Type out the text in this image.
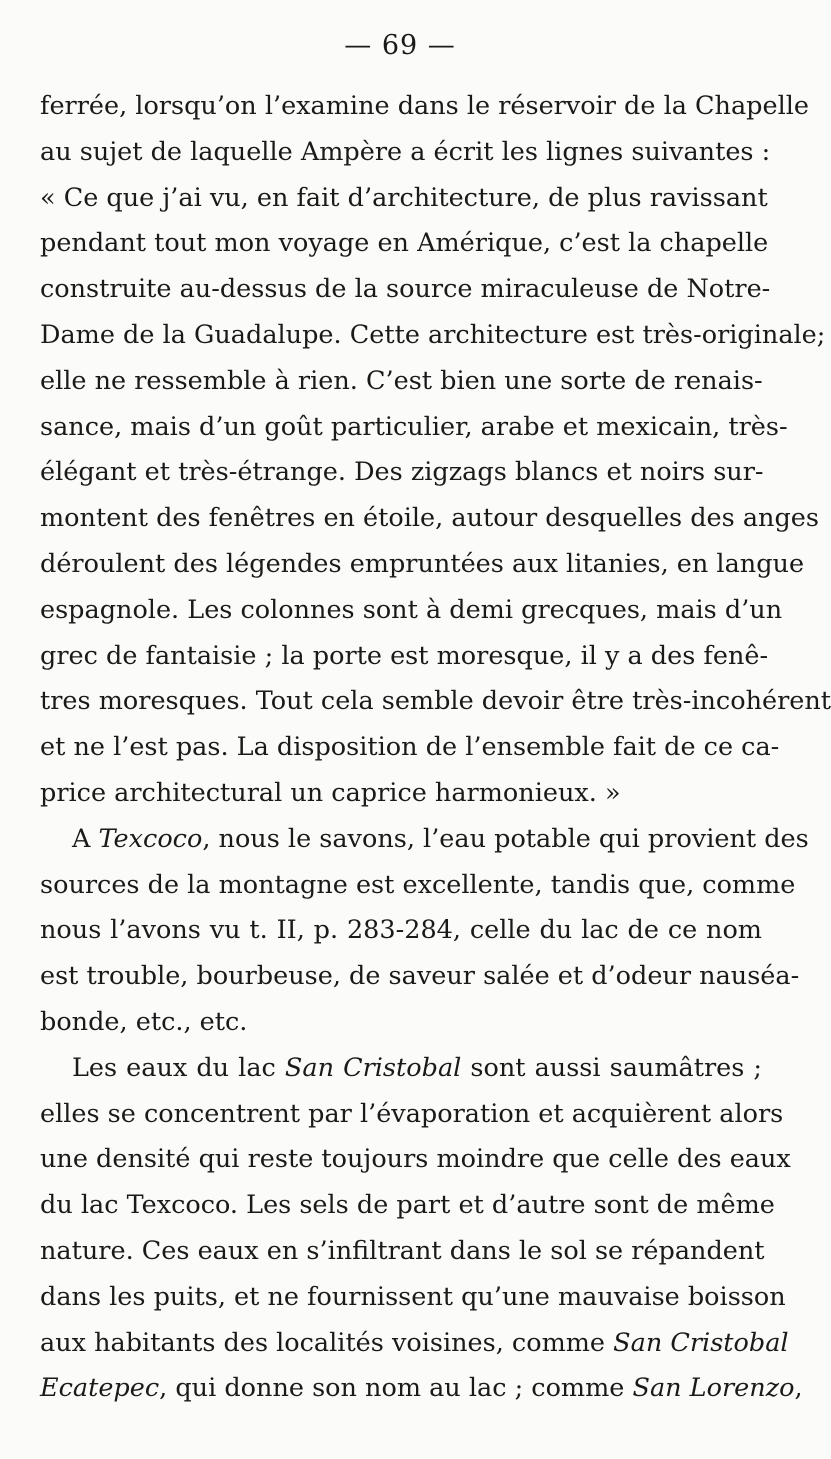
— 69 —
ferrée, lorsqu’on l’examine dans le réservoir de la Chapelle
au sujet de laquelle Ampère a écrit les lignes suivantes :
« Ce que j’ai vu, en fait d’architecture, de plus ravissant
pendant tout mon voyage en Amérique, c’est la chapelle
construite au-dessus de la source miraculeuse de Notre-
Dame de la Guadalupe. Cette architecture est très-originale;
elle ne ressemble à rien. C’est bien une sorte de renais-
sance, mais d’un goût particulier, arabe et mexicain, très-
élégant et très-étrange. Des zigzags blancs et noirs sur-
montent des fenêtres en étoile, autour desquelles des anges
déroulent des légendes empruntées aux litanies, en langue
espagnole. Les colonnes sont à demi grecques, mais d’un
grec de fantaisie ; la porte est moresque, il y a des fenê-
tres moresques. Tout cela semble devoir être très-incohérent
et ne l’est pas. La disposition de l’ensemble fait de ce ca-
price architectural un caprice harmonieux. »
A Texcoco, nous le savons, l’eau potable qui provient des
sources de la montagne est excellente, tandis que, comme
nous l’avons vu t. II, p. 283-284, celle du lac de ce nom
est trouble, bourbeuse, de saveur salée et d’odeur nauséa-
bonde, etc., etc.
Les eaux du lac San Cristobal sont aussi saumâtres ;
elles se concentrent par l’évaporation et acquièrent alors
une densité qui reste toujours moindre que celle des eaux
du lac Texcoco. Les sels de part et d’autre sont de même
nature. Ces eaux en s’infiltrant dans le sol se répandent
dans les puits, et ne fournissent qu’une mauvaise boisson
aux habitants des localités voisines, comme San Cristobal
Ecatepec, qui donne son nom au lac ; comme San Lorenzo,
